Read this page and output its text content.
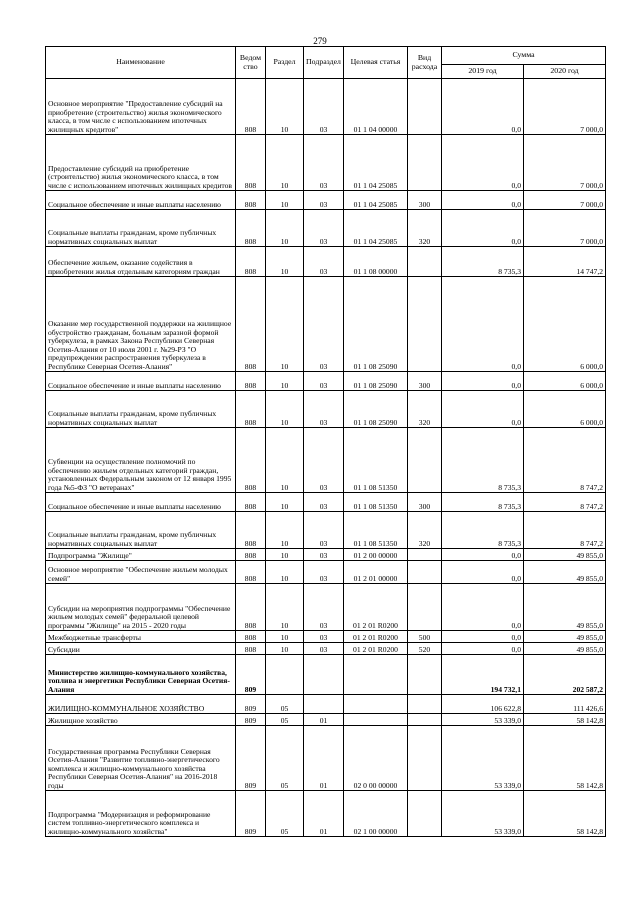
279
Наименование	Ведом ство	Раздел	Подраздел	Целевая статья	Вид расхода	Сумма	
						2019 год	2020 год
Основное мероприятие "Предоставление субсидий на приобретение (строительство) жилья экономического класса, в том числе с использованием ипотечных жилищных кредитов"	808	10	03	01 1 04 00000		0,0	7 000,0
Предоставление субсидий на приобретение (строительство) жилья экономического класса, в том числе с использованием ипотечных жилищных кредитов	808	10	03	01 1 04 25085		0,0	7 000,0
Социальное обеспечение и иные выплаты населению	808	10	03	01 1 04 25085	300	0,0	7 000,0
Социальные выплаты гражданам, кроме публичных нормативных социальных выплат	808	10	03	01 1 04 25085	320	0,0	7 000,0
Обеспечение жильем, оказание содействия в приобретении жилья отдельным категориям граждан	808	10	03	01 1 08 00000		8 735,3	14 747,2
Оказание мер государственной поддержки на жилищное обустройство гражданам, больным заразной формой туберкулеза, в рамках Закона Республики Северная Осетия-Алания от 10 июля 2001 г. №29-РЗ "О предупреждении распространения туберкулеза в Республике Северная Осетия-Алания"	808	10	03	01 1 08 25090		0,0	6 000,0
Социальное обеспечение и иные выплаты населению	808	10	03	01 1 08 25090	300	0,0	6 000,0
Социальные выплаты гражданам, кроме публичных нормативных социальных выплат	808	10	03	01 1 08 25090	320	0,0	6 000,0
Субвенции на осуществление полномочий по обеспечению жильем отдельных категорий граждан, установленных Федеральным законом от 12 января 1995 года №5-ФЗ "О ветеранах"	808	10	03	01 1 08 51350		8 735,3	8 747,2
Социальное обеспечение и иные выплаты населению	808	10	03	01 1 08 51350	300	8 735,3	8 747,2
Социальные выплаты гражданам, кроме публичных нормативных социальных выплат	808	10	03	01 1 08 51350	320	8 735,3	8 747,2
Подпрограмма "Жилище"	808	10	03	01 2 00 00000		0,0	49 855,0
Основное мероприятие "Обеспечение жильем молодых семей"	808	10	03	01 2 01 00000		0,0	49 855,0
Субсидии на мероприятия подпрограммы "Обеспечение жильем молодых семей" федеральной целевой программы "Жилище" на 2015 - 2020 годы	808	10	03	01 2 01 R0200		0,0	49 855,0
Межбюджетные трансферты	808	10	03	01 2 01 R0200	500	0,0	49 855,0
Субсидии	808	10	03	01 2 01 R0200	520	0,0	49 855,0
Министерство жилищно-коммунального хозяйства, топлива и энергетики Республики Северная Осетия-Алания	809					194 732,1	202 587,2
ЖИЛИЩНО-КОММУНАЛЬНОЕ ХОЗЯЙСТВО	809	05				106 622,8	111 426,6
Жилищное хозяйство	809	05	01			53 339,0	58 142,8
Государственная программа Республики Северная Осетия-Алания "Развитие топливно-энергетического комплекса и жилищно-коммунального хозяйства Республики Северная Осетия-Алания" на 2016-2018 годы	809	05	01	02 0 00 00000		53 339,0	58 142,8
Подпрограмма "Модернизация и реформирование систем топливно-энергетического комплекса и жилищно-коммунального хозяйства"	809	05	01	02 1 00 00000		53 339,0	58 142,8
